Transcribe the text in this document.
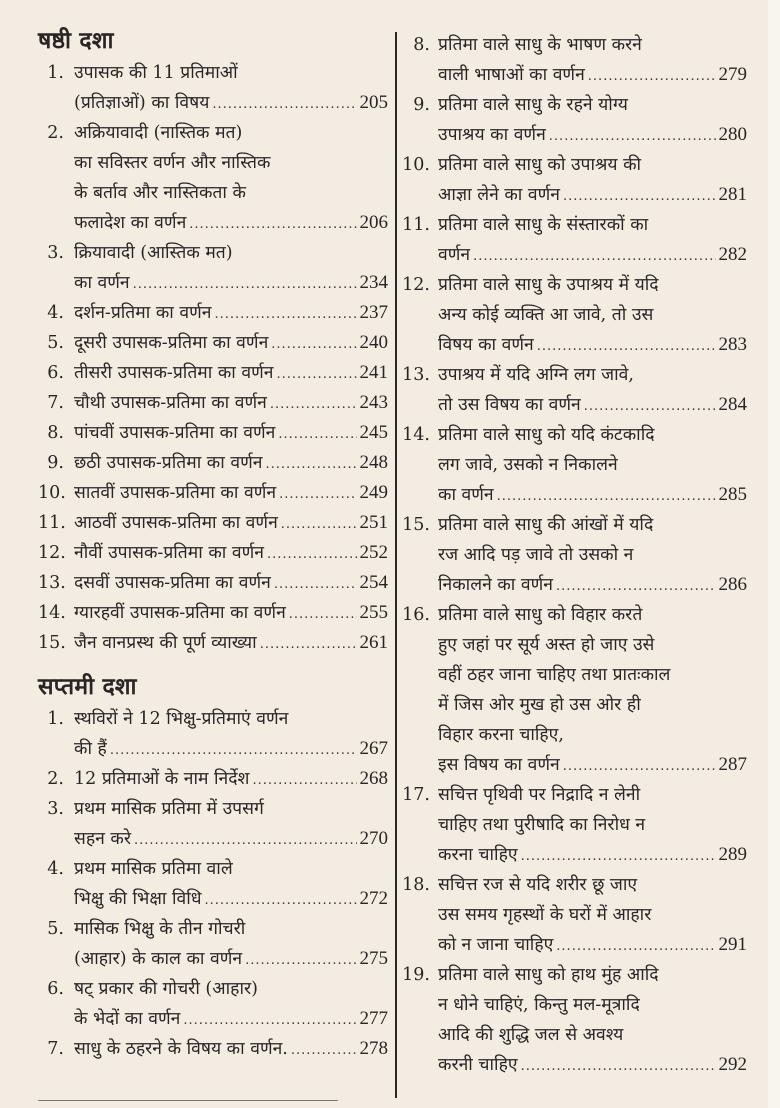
षष्ठी दशा
1. उपासक की 11 प्रतिमाओं
(प्रतिज्ञाओं) का विषय .....	205
2. अक्रियावादी (नास्तिक मत)
का सविस्तर वर्णन और नास्तिक
के बर्ताव और नास्तिकता के
फलादेश का वर्णन .....	206
3. क्रियावादी (आस्तिक मत)
का वर्णन .....	234
4. दर्शन-प्रतिमा का वर्णन .....	237
5. दूसरी उपासक-प्रतिमा का वर्णन .....	240
6. तीसरी उपासक-प्रतिमा का वर्णन .....	241
7. चौथी उपासक-प्रतिमा का वर्णन .....	243
8. पांचवीं उपासक-प्रतिमा का वर्णन .....	245
9. छठी उपासक-प्रतिमा का वर्णन .....	248
10. सातवीं उपासक-प्रतिमा का वर्णन .....	249
11. आठवीं उपासक-प्रतिमा का वर्णन .....	251
12. नौवीं उपासक-प्रतिमा का वर्णन .....	252
13. दसवीं उपासक-प्रतिमा का वर्णन .....	254
14. ग्यारहवीं उपासक-प्रतिमा का वर्णन .....	255
15. जैन वानप्रस्थ की पूर्ण व्याख्या .....	261
सप्तमी दशा
1. स्थविरों ने 12 भिक्षु-प्रतिमाएं वर्णन
की हैं .....	267
2. 12 प्रतिमाओं के नाम निर्देश .....	268
3. प्रथम मासिक प्रतिमा में उपसर्ग
सहन करे .....	270
4. प्रथम मासिक प्रतिमा वाले
भिक्षु की भिक्षा विधि .....	272
5. मासिक भिक्षु के तीन गोचरी
(आहार) के काल का वर्णन .....	275
6. षट् प्रकार की गोचरी (आहार)
के भेदों का वर्णन .....	277
7. साधु के ठहरने के विषय का वर्णन. .....	278
8. प्रतिमा वाले साधु के भाषण करने
वाली भाषाओं का वर्णन .....	279
9. प्रतिमा वाले साधु के रहने योग्य
उपाश्रय का वर्णन .....	280
10. प्रतिमा वाले साधु को उपाश्रय की
आज्ञा लेने का वर्णन .....	281
11. प्रतिमा वाले साधु के संस्तारकों का
वर्णन .....	282
12. प्रतिमा वाले साधु के उपाश्रय में यदि
अन्य कोई व्यक्ति आ जावे, तो उस
विषय का वर्णन .....	283
13. उपाश्रय में यदि अग्नि लग जावे,
तो उस विषय का वर्णन .....	284
14. प्रतिमा वाले साधु को यदि कंटकादि
लग जावे, उसको न निकालने
का वर्णन .....	285
15. प्रतिमा वाले साधु की आंखों में यदि
रज आदि पड़ जावे तो उसको न
निकालने का वर्णन .....	286
16. प्रतिमा वाले साधु को विहार करते
हुए जहां पर सूर्य अस्त हो जाए उसे
वहीं ठहर जाना चाहिए तथा प्रातःकाल
में जिस ओर मुख हो उस ओर ही
विहार करना चाहिए,
इस विषय का वर्णन .....	287
17. सचित्त पृथिवी पर निद्रादि न लेनी
चाहिए तथा पुरीषादि का निरोध न
करना चाहिए .....	289
18. सचित्त रज से यदि शरीर छू जाए
उस समय गृहस्थों के घरों में आहार
को न जाना चाहिए .....	291
19. प्रतिमा वाले साधु को हाथ मुंह आदि
न धोने चाहिएं, किन्तु मल-मूत्रादि
आदि की शुद्धि जल से अवश्य
करनी चाहिए .....	292
